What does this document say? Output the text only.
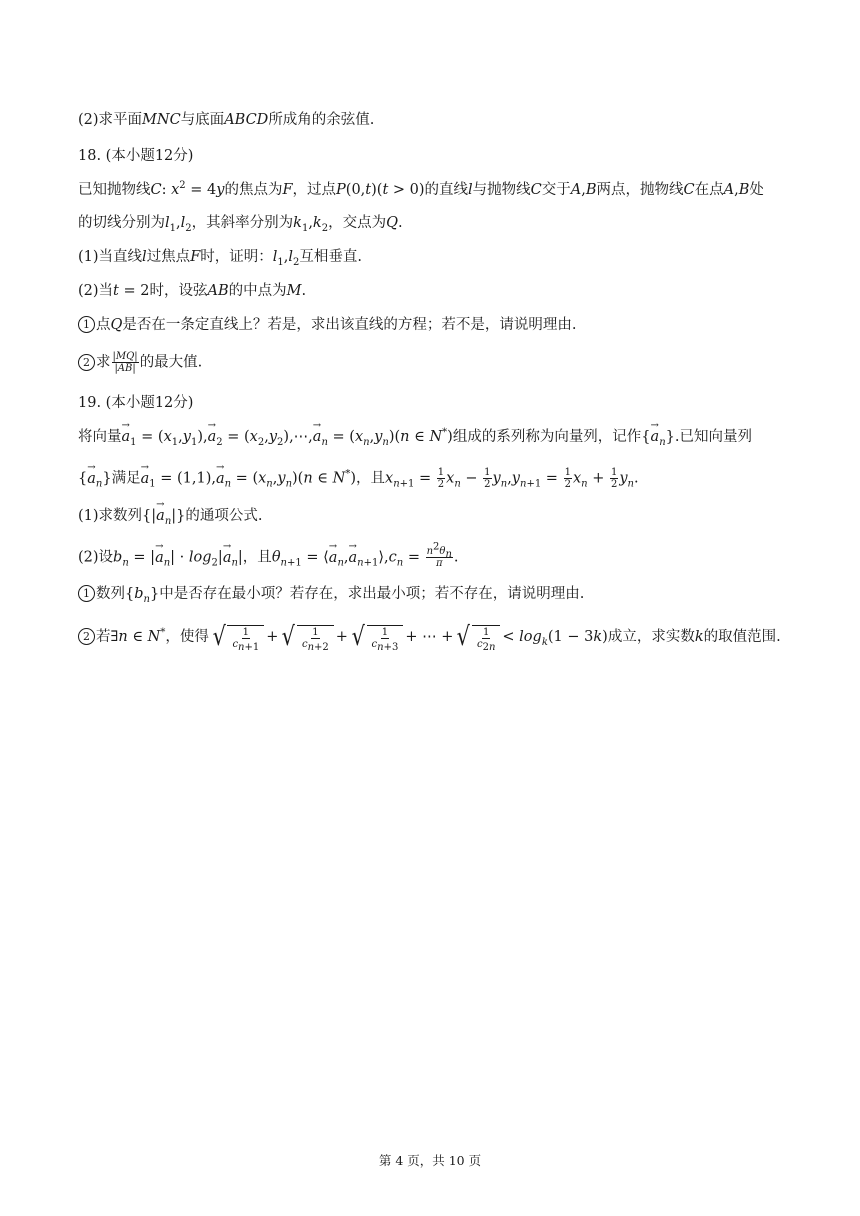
(2)求平面MNC与底面ABCD所成角的余弦值.
18. (本小题12分)
已知抛物线C: $x^2 = 4y$的焦点为F，过点P(0,t)(t > 0)的直线l与抛物线C交于A,B两点，抛物线C在点A,B处
的切线分别为$l_1,l_2$，其斜率分别为$k_1,k_2$，交点为Q.
(1)当直线l过焦点F时，证明：$l_1,l_2$互相垂直.
(2)当t = 2时，设弦AB的中点为M.
1 点Q是否在一条定直线上？若是，求出该直线的方程；若不是，请说明理由.
2 求 $\frac{|MQ|}{|AB|}$ 的最大值.
19. (本小题12分)
将向量→ $a_1 = (x_1,y_1),\to a_2$ = $(x_2,y_2),\cdots,\to a_n = (x_n,y_n)(n$ ∈ N*)组成的系列称为向量列，记作{→ $a_n$}.已知向量列
{→ $a_n$}满足→ $a_1 = (1,1),\to a_n = (x_n,y_n)(n$ ∈ N*)，且$x_{n+1} = \frac{1}{2} x_n - \frac{1}{2} y_n,y_{n+1} = \frac{1}{2} x_n + \frac{1}{2} y_n$.
(1)求数列{|→ $a_n|$}的通项公式.
(2)设$b_n$ = |→ $a_n| \cdot \log_2|\to a_n|$，且$\theta_{n+1}$ = ⟨→ $a_n,\to$ $a_{n+1}⟩,c_n = \frac{n^2\theta_n}{\pi}$ .
1 数列$\{b_n\}$中是否存在最小项？若存在，求出最小项；若不存在，请说明理由.
2 若∃n ∈ N*，使得 √ $\frac{1}{c_{n+1}}$ + √ $\frac{1}{c_{n+2}}$ + √ $\frac{1}{c_{n+3}}$ + ⋯ + √ $\frac{1}{c_{2n}} < \log_k(1 - 3k)$成立，求实数k的取值范围.
第 4 页，共 10 页
